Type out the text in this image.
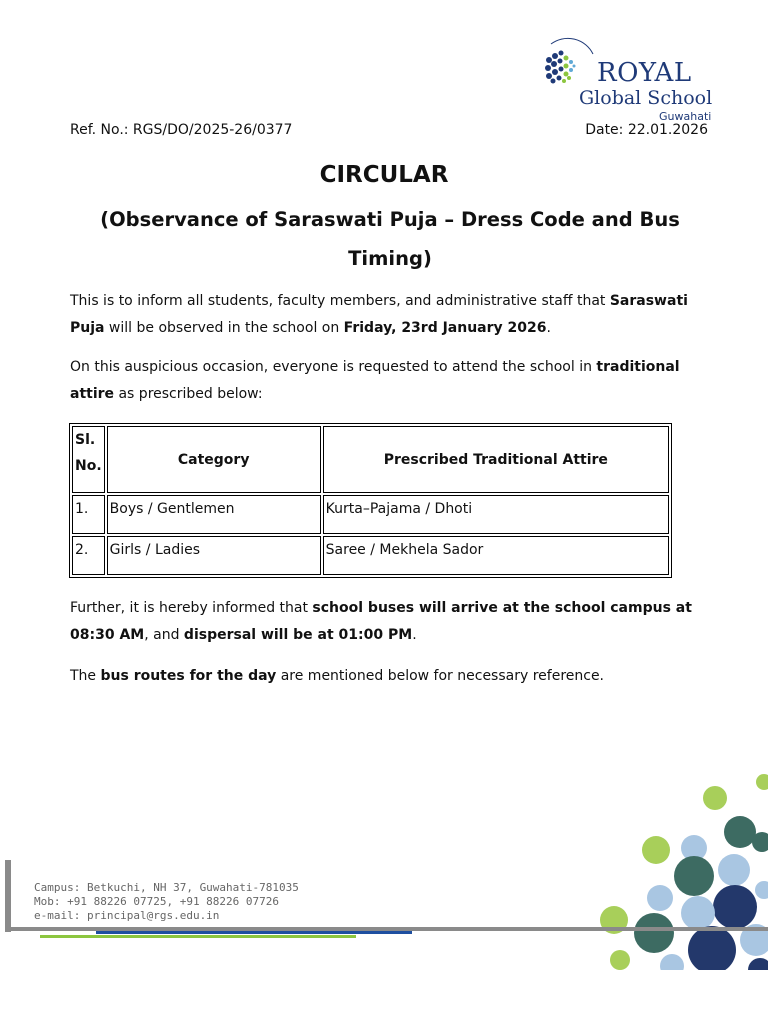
ROYAL
Global School
Guwahati
Ref. No.: RGS/DO/2025-26/0377	Date: 22.01.2026
CIRCULAR
(Observance of Saraswati Puja – Dress Code and Bus Timing)
This is to inform all students, faculty members, and administrative staff that Saraswati Puja will be observed in the school on Friday, 23rd January 2026.
On this auspicious occasion, everyone is requested to attend the school in traditional attire as prescribed below:
Sl. No.	Category	Prescribed Traditional Attire
1.	Boys / Gentlemen	Kurta–Pajama / Dhoti
2.	Girls / Ladies	Saree / Mekhela Sador
Further, it is hereby informed that school buses will arrive at the school campus at 08:30 AM, and dispersal will be at 01:00 PM.
The bus routes for the day are mentioned below for necessary reference.
Campus: Betkuchi, NH 37, Guwahati-781035
Mob: +91 88226 07725, +91 88226 07726
e-mail: principal@rgs.edu.in
